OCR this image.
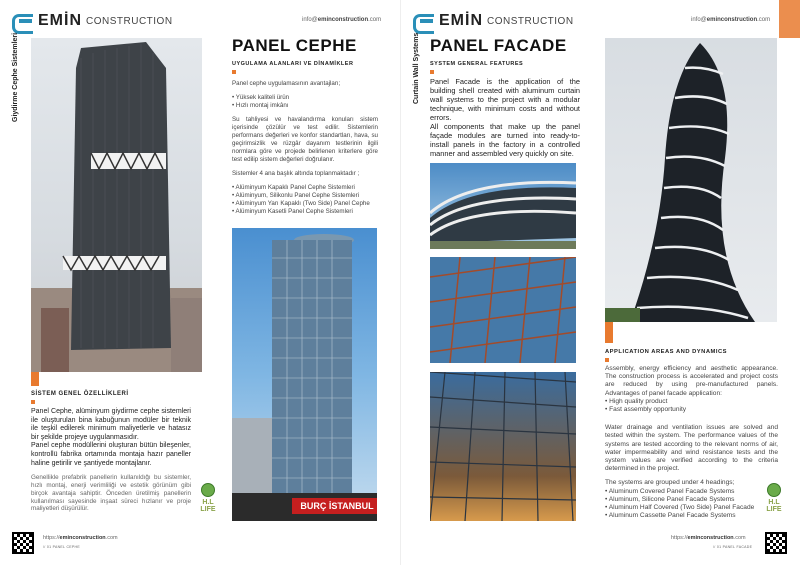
EMİN CONSTRUCTION	info@eminconstruction.com
Giydirme Cephe Sistemleri	PANEL CEPHE
UYGULAMA ALANLARI VE DİNAMİKLER

Panel cephe uygulamasının avantajları;

• Yüksek kaliteli ürün
• Hızlı montaj imkânı

Su tahliyesi ve havalandırma konuları sistem içerisinde çözülür ve test edilir. Sistemlerin performans değerleri ve konfor standartları, hava, su geçirimsizlik ve rüzgâr dayanım testlerinin ilgili normlara göre ve projede belirlenen kriterlere göre test edilip sistem değerleri doğrulanır.

Sistemler 4 ana başlık altında toplanmaktadır ;

• Alüminyum Kapaklı Panel Cephe Sistemleri
• Alüminyum, Silikonlu Panel Cephe Sistemleri
• Alüminyum Yarı Kapaklı (Two Side) Panel Cephe
• Alüminyum Kasetli Panel Cephe Sistemleri
BURÇ İSTANBUL
SİSTEM GENEL ÖZELLİKLERİ

Panel Cephe, alüminyum giydirme cephe sistemleri ile oluşturulan bina kabuğunun modüler bir teknik ile teşkil edilerek minimum maliyetlerle ve hatasız bir şekilde projeye uygulanmasıdır.

Panel cephe modüllerini oluşturan bütün bileşenler, kontrollü fabrika ortamında montaja hazır paneller haline getirilir ve şantiyede montajlanır.

Genellikle prefabrik panellerin kullanıldığı bu sistemler, hızlı montaj, enerji verimliliği ve estetik görünüm gibi birçok avantaja sahiptir. Önceden üretilmiş panellerin kullanılması sayesinde inşaat süreci hızlanır ve proje maliyetleri düşürülür.

H.L LIFE
https://eminconstruction.com
// 01 PANEL CEPHE
EMİN CONSTRUCTION	info@eminconstruction.com
Curtain Wall Systems PANEL FACADE
SYSTEM GENERAL FEATURES

Panel Facade is the application of the building shell created with aluminum curtain wall systems to the project with a modular technique, with minimum costs and without errors.

All components that make up the panel façade modules are turned into ready-to-install panels in the factory in a controlled manner and assembled very quickly on site.

APPLICATION AREAS AND DYNAMICS

Assembly, energy efficiency and aesthetic appearance. The construction process is accelerated and project costs are reduced by using pre-manufactured panels. Advantages of panel facade application:

• High quality product
• Fast assembly opportunity

Water drainage and ventilation issues are solved and tested within the system. The performance values of the systems are tested according to the relevant norms of air, water impermeability and wind resistance tests and the system values are verified according to the criteria determined in the project.

The systems are grouped under 4 headings;

• Aluminum Covered Panel Facade Systems
• Aluminum, Silicone Panel Facade Systems
• Aluminum Half Covered (Two Side) Panel Facade
• Aluminum Cassette Panel Facade Systems
H.L LIFE
https://eminconstruction.com
// 01 PANEL FACADE
